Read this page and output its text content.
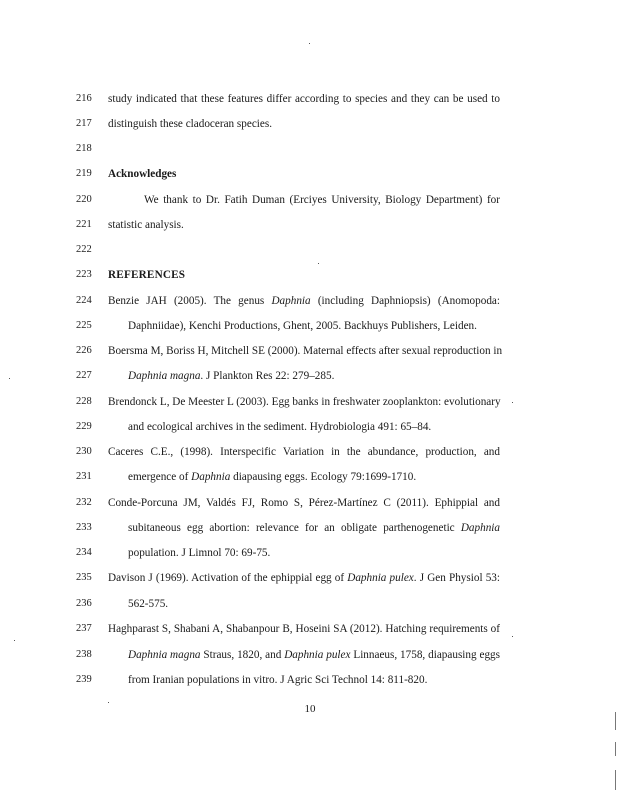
216	study indicated that these features differ according to species and they can be used to
217	distinguish these cladoceran species.
218
219	Acknowledges
220	We thank to Dr. Fatih Duman (Erciyes University, Biology Department) for
221	statistic analysis.
222
223	REFERENCES
224	Benzie JAH (2005). The genus Daphnia (including Daphniopsis) (Anomopoda:
225	Daphniidae), Kenchi Productions, Ghent, 2005. Backhuys Publishers, Leiden.
226	Boersma M, Boriss H, Mitchell SE (2000). Maternal effects after sexual reproduction in
227	Daphnia magna. J Plankton Res 22: 279–285.
228	Brendonck L, De Meester L (2003). Egg banks in freshwater zooplankton: evolutionary
229	and ecological archives in the sediment. Hydrobiologia 491: 65–84.
230	Caceres C.E., (1998). Interspecific Variation in the abundance, production, and
231	emergence of Daphnia diapausing eggs. Ecology 79:1699-1710.
232	Conde-Porcuna JM, Valdés FJ, Romo S, Pérez-Martínez C (2011). Ephippial and
233	subitaneous egg abortion: relevance for an obligate parthenogenetic Daphnia
234	population. J Limnol 70: 69-75.
235	Davison J (1969). Activation of the ephippial egg of Daphnia pulex. J Gen Physiol 53:
236	562-575.
237	Haghparast S, Shabani A, Shabanpour B, Hoseini SA (2012). Hatching requirements of
238	Daphnia magna Straus, 1820, and Daphnia pulex Linnaeus, 1758, diapausing eggs
239	from Iranian populations in vitro. J Agric Sci Technol 14: 811-820.
10
